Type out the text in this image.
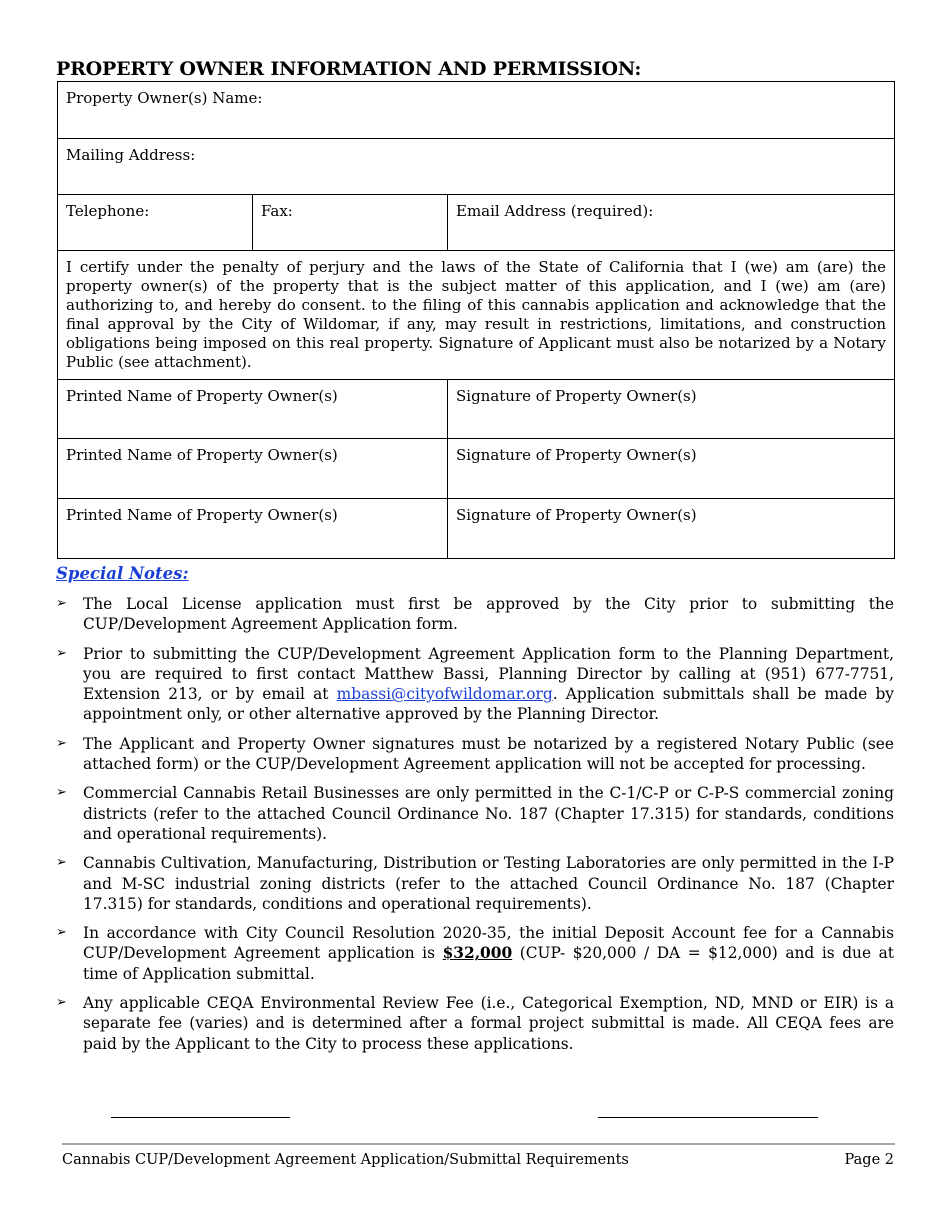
PROPERTY OWNER INFORMATION AND PERMISSION:
Property Owner(s) Name:		
Mailing Address:		
Telephone:	Fax:	Email Address (required):
I certify under the penalty of perjury and the laws of the State of California that I (we) am (are) the property owner(s) of the property that is the subject matter of this application, and I (we) am (are) authorizing to, and hereby do consent. to the filing of this cannabis application and acknowledge that the final approval by the City of Wildomar, if any, may result in restrictions, limitations, and construction obligations being imposed on this real property. Signature of Applicant must also be notarized by a Notary Public (see attachment).		
Printed Name of Property Owner(s)		Signature of Property Owner(s)
Printed Name of Property Owner(s)		Signature of Property Owner(s)
Printed Name of Property Owner(s)		Signature of Property Owner(s)
Special Notes:
➢ The Local License application must first be approved by the City prior to submitting the CUP/Development Agreement Application form.
➢ Prior to submitting the CUP/Development Agreement Application form to the Planning Department, you are required to first contact Matthew Bassi, Planning Director by calling at (951) 677-7751, Extension 213, or by email at mbassi@cityofwildomar.org. Application submittals shall be made by appointment only, or other alternative approved by the Planning Director.
➢ The Applicant and Property Owner signatures must be notarized by a registered Notary Public (see attached form) or the CUP/Development Agreement application will not be accepted for processing.
➢ Commercial Cannabis Retail Businesses are only permitted in the C-1/C-P or C-P-S commercial zoning districts (refer to the attached Council Ordinance No. 187 (Chapter 17.315) for standards, conditions and operational requirements).
➢ Cannabis Cultivation, Manufacturing, Distribution or Testing Laboratories are only permitted in the I-P and M-SC industrial zoning districts (refer to the attached Council Ordinance No. 187 (Chapter 17.315) for standards, conditions and operational requirements).
➢ In accordance with City Council Resolution 2020-35, the initial Deposit Account fee for a Cannabis CUP/Development Agreement application is $32,000 (CUP- $20,000 / DA = $12,000) and is due at time of Application submittal.
➢ Any applicable CEQA Environmental Review Fee (i.e., Categorical Exemption, ND, MND or EIR) is a separate fee (varies) and is determined after a formal project submittal is made. All CEQA fees are paid by the Applicant to the City to process these applications.
Cannabis CUP/Development Agreement Application/Submittal Requirements	Page 2
